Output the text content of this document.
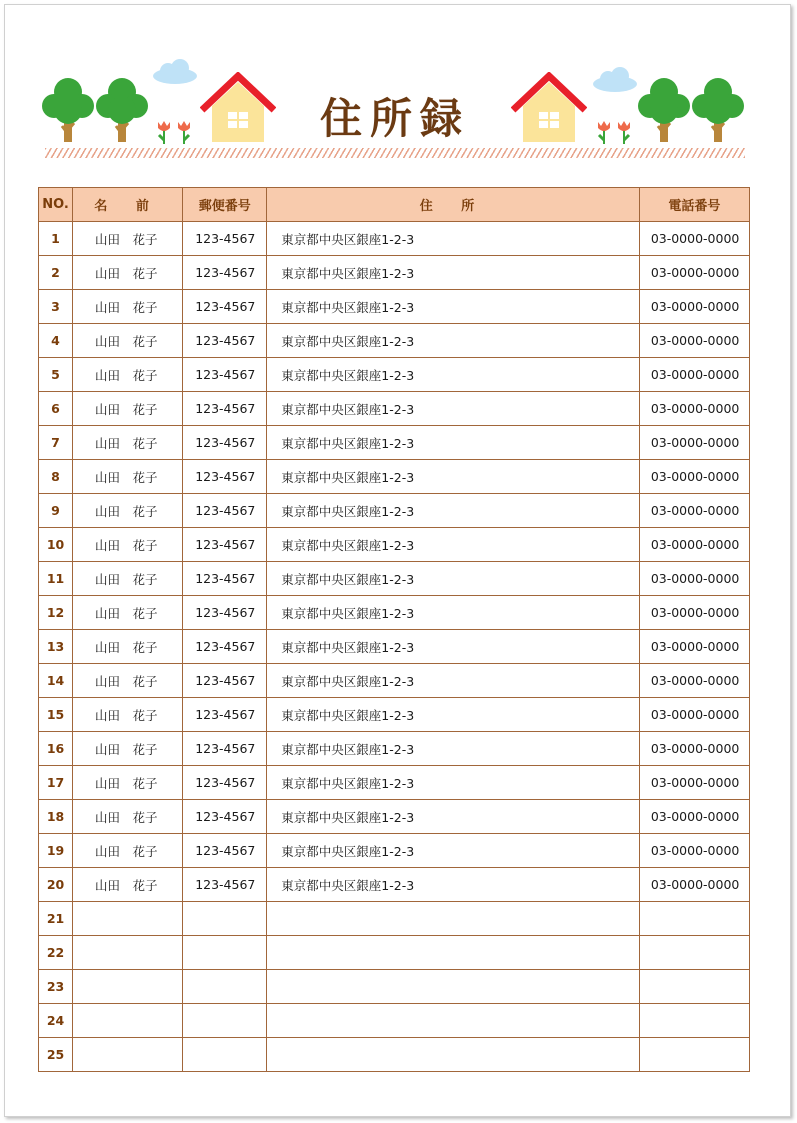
住所録
NO.	名 前	郵便番号	住 所	電話番号
1	山田　花子	123-4567	東京都中央区銀座1-2-3	03-0000-0000
2	山田　花子	123-4567	東京都中央区銀座1-2-3	03-0000-0000
3	山田　花子	123-4567	東京都中央区銀座1-2-3	03-0000-0000
4	山田　花子	123-4567	東京都中央区銀座1-2-3	03-0000-0000
5	山田　花子	123-4567	東京都中央区銀座1-2-3	03-0000-0000
6	山田　花子	123-4567	東京都中央区銀座1-2-3	03-0000-0000
7	山田　花子	123-4567	東京都中央区銀座1-2-3	03-0000-0000
8	山田　花子	123-4567	東京都中央区銀座1-2-3	03-0000-0000
9	山田　花子	123-4567	東京都中央区銀座1-2-3	03-0000-0000
10	山田　花子	123-4567	東京都中央区銀座1-2-3	03-0000-0000
11	山田　花子	123-4567	東京都中央区銀座1-2-3	03-0000-0000
12	山田　花子	123-4567	東京都中央区銀座1-2-3	03-0000-0000
13	山田　花子	123-4567	東京都中央区銀座1-2-3	03-0000-0000
14	山田　花子	123-4567	東京都中央区銀座1-2-3	03-0000-0000
15	山田　花子	123-4567	東京都中央区銀座1-2-3	03-0000-0000
16	山田　花子	123-4567	東京都中央区銀座1-2-3	03-0000-0000
17	山田　花子	123-4567	東京都中央区銀座1-2-3	03-0000-0000
18	山田　花子	123-4567	東京都中央区銀座1-2-3	03-0000-0000
19	山田　花子	123-4567	東京都中央区銀座1-2-3	03-0000-0000
20	山田　花子	123-4567	東京都中央区銀座1-2-3	03-0000-0000
21				
22				
23				
24				
25				
